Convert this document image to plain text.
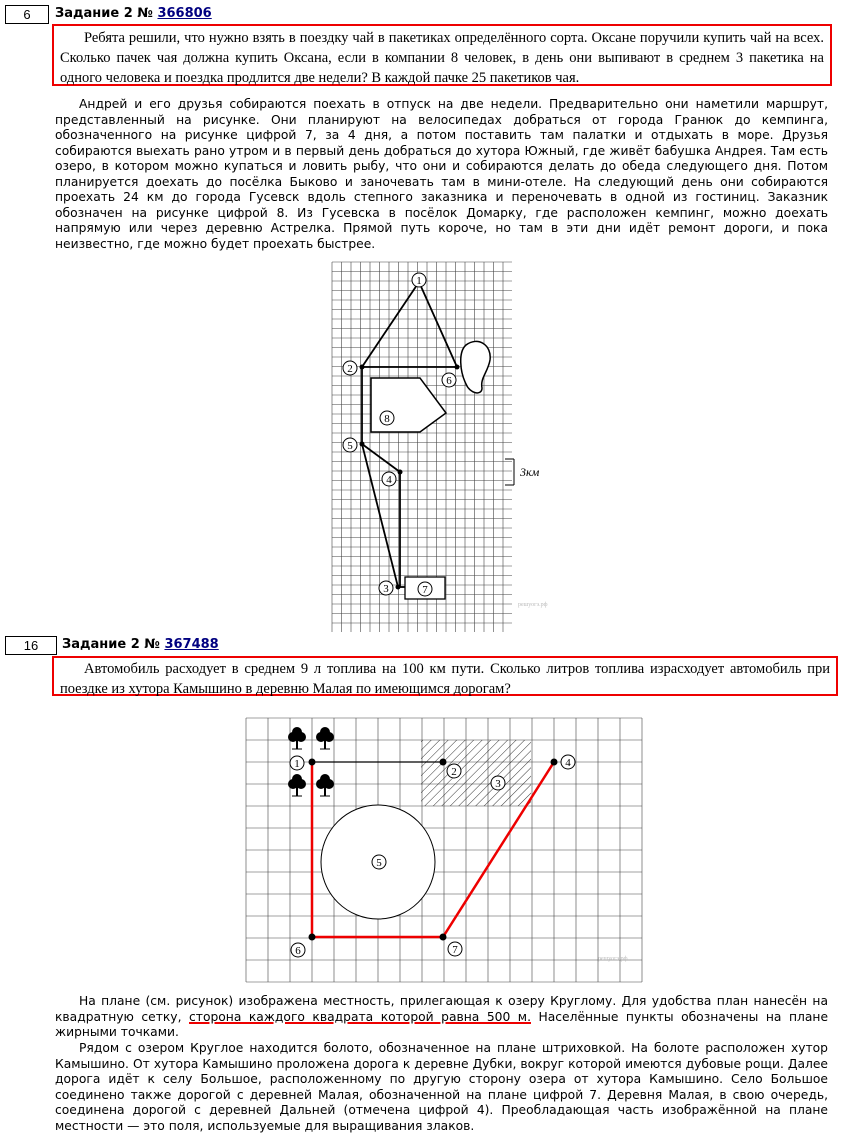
6	Задание 2 № 366806

Ребята решили, что нужно взять в поездку чай в пакетиках определённого сорта. Оксане поручили купить чай на всех. Сколько пачек чая должна купить Оксана, если в компании 8 человек, в день они выпивают в среднем 3 пакетика на одного человека и поездка продлится две недели? В каждой пачке 25 пакетиков чая.

Андрей и его друзья собираются поехать в отпуск на две недели. Предварительно они наметили маршрут, представленный на рисунке. Они планируют на велосипедах добраться от города Гранюк до кемпинга, обозначенного на рисунке цифрой 7, за 4 дня, а потом поставить там палатки и отдыхать в море. Друзья собираются выехать рано утром и в первый день добраться до хутора Южный, где живёт бабушка Андрея. Там есть озеро, в котором можно купаться и ловить рыбу, что они и собираются делать до обеда следующего дня. Потом планируется доехать до посёлка Быково и заночевать там в мини-отеле. На следующий день они собираются проехать 24 км до города Гусевск вдоль степного заказника и переночевать в одной из гостиниц. Заказник обозначен на рисунке цифрой 8. Из Гусевска в посёлок Домарку, где расположен кемпинг, можно доехать напрямую или через деревню Астрелка. Прямой путь короче, но там в эти дни идёт ремонт дороги, и пока неизвестно, где можно будет проехать быстрее.

1
2
3
4
5
6
7
8
3км
решуогэ.рф
16	Задание 2 № 367488

Автомобиль расходует в среднем 9 л топлива на 100 км пути. Сколько литров топлива израсходует автомобиль при поездке из хутора Камышино в деревню Малая по имеющимся дорогам?

1
2
3
4
5
6	7
решуогэ.рф

На плане (см. рисунок) изображена местность, прилегающая к озеру Круглому. Для удобства план нанесён на квадратную сетку, сторона каждого квадрата которой равна 500 м. Населённые пункты обозначены на плане жирными точками.

Рядом с озером Круглое находится болото, обозначенное на плане штриховкой. На болоте расположен хутор Камышино. От хутора Камышино проложена дорога к деревне Дубки, вокруг которой имеются дубовые рощи. Далее дорога идёт к селу Большое, расположенному по другую сторону озера от хутора Камышино. Село Большое соединено также дорогой с деревней Малая, обозначенной на плане цифрой 7. Деревня Малая, в свою очередь, соединена дорогой с деревней Дальней (отмечена цифрой 4). Преобладающая часть изображённой на плане местности — это поля, используемые для выращивания злаков.
